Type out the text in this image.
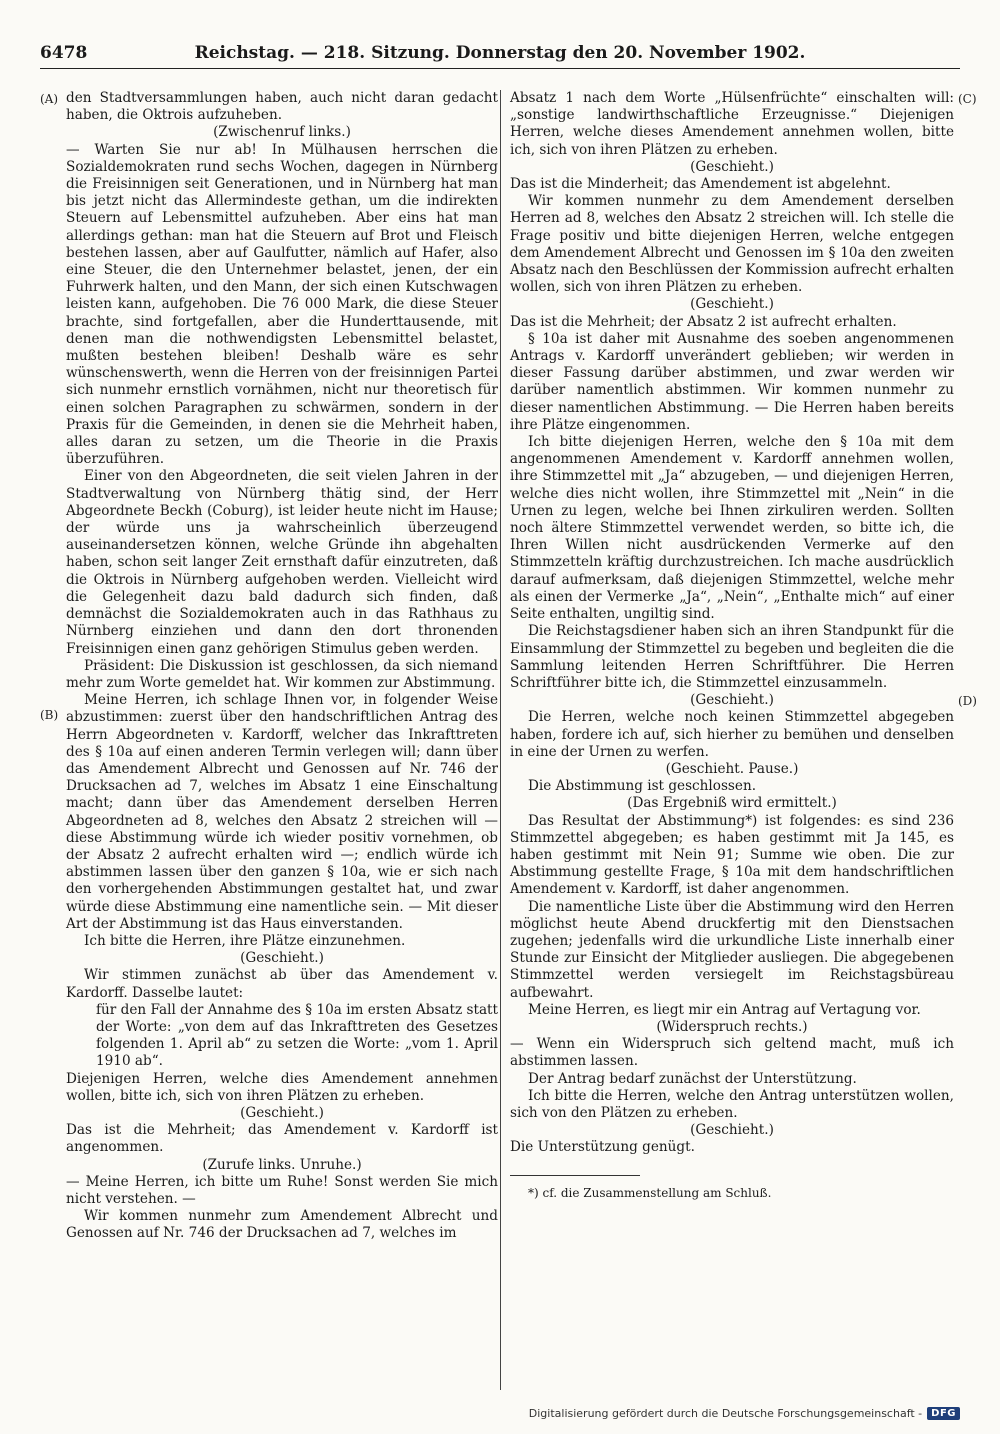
6478	Reichstag. — 218. Sitzung. Donnerstag den 20. November 1902.
(A)
(B)
(C)
(D)

den Stadtversammlungen haben, auch nicht daran gedacht haben, die Oktrois aufzuheben.

(Zwischenruf links.)

— Warten Sie nur ab! In Mülhausen herrschen die Sozialdemokraten rund sechs Wochen, dagegen in Nürnberg die Freisinnigen seit Generationen, und in Nürnberg hat man bis jetzt nicht das Allermindeste gethan, um die indirekten Steuern auf Lebensmittel aufzuheben. Aber eins hat man allerdings gethan: man hat die Steuern auf Brot und Fleisch bestehen lassen, aber auf Gaulfutter, nämlich auf Hafer, also eine Steuer, die den Unternehmer belastet, jenen, der ein Fuhrwerk halten, und den Mann, der sich einen Kutschwagen leisten kann, aufgehoben. Die 76 000 Mark, die diese Steuer brachte, sind fortgefallen, aber die Hunderttausende, mit denen man die nothwendigsten Lebensmittel belastet, mußten bestehen bleiben! Deshalb wäre es sehr wünschenswerth, wenn die Herren von der freisinnigen Partei sich nunmehr ernstlich vornähmen, nicht nur theoretisch für einen solchen Paragraphen zu schwärmen, sondern in der Praxis für die Gemeinden, in denen sie die Mehrheit haben, alles daran zu setzen, um die Theorie in die Praxis überzuführen.

Einer von den Abgeordneten, die seit vielen Jahren in der Stadtverwaltung von Nürnberg thätig sind, der Herr Abgeordnete Beckh (Coburg), ist leider heute nicht im Hause; der würde uns ja wahrscheinlich überzeugend auseinandersetzen können, welche Gründe ihn abgehalten haben, schon seit langer Zeit ernsthaft dafür einzutreten, daß die Oktrois in Nürnberg aufgehoben werden. Vielleicht wird die Gelegenheit dazu bald dadurch sich finden, daß demnächst die Sozialdemokraten auch in das Rathhaus zu Nürnberg einziehen und dann den dort thronenden Freisinnigen einen ganz gehörigen Stimulus geben werden.

Präsident: Die Diskussion ist geschlossen, da sich niemand mehr zum Worte gemeldet hat. Wir kommen zur Abstimmung.

Meine Herren, ich schlage Ihnen vor, in folgender Weise abzustimmen: zuerst über den handschriftlichen Antrag des Herrn Abgeordneten v. Kardorff, welcher das Inkrafttreten des § 10a auf einen anderen Termin verlegen will; dann über das Amendement Albrecht und Genossen auf Nr. 746 der Drucksachen ad 7, welches im Absatz 1 eine Einschaltung macht; dann über das Amendement derselben Herren Abgeordneten ad 8, welches den Absatz 2 streichen will — diese Abstimmung würde ich wieder positiv vornehmen, ob der Absatz 2 aufrecht erhalten wird —; endlich würde ich abstimmen lassen über den ganzen § 10a, wie er sich nach den vorhergehenden Abstimmungen gestaltet hat, und zwar würde diese Abstimmung eine namentliche sein. — Mit dieser Art der Abstimmung ist das Haus einverstanden.

Ich bitte die Herren, ihre Plätze einzunehmen.

(Geschieht.)

Wir stimmen zunächst ab über das Amendement v. Kardorff. Dasselbe lautet:

für den Fall der Annahme des § 10a im ersten Absatz statt der Worte: „von dem auf das Inkrafttreten des Gesetzes folgenden 1. April ab“ zu setzen die Worte: „vom 1. April 1910 ab“.

Diejenigen Herren, welche dies Amendement annehmen wollen, bitte ich, sich von ihren Plätzen zu erheben.

(Geschieht.)

Das ist die Mehrheit; das Amendement v. Kardorff ist angenommen.

(Zurufe links. Unruhe.)

— Meine Herren, ich bitte um Ruhe! Sonst werden Sie mich nicht verstehen. —

Wir kommen nunmehr zum Amendement Albrecht und Genossen auf Nr. 746 der Drucksachen ad 7, welches im

Absatz 1 nach dem Worte „Hülsenfrüchte“ einschalten will: „sonstige landwirthschaftliche Erzeugnisse.“ Diejenigen Herren, welche dieses Amendement annehmen wollen, bitte ich, sich von ihren Plätzen zu erheben.

(Geschieht.)

Das ist die Minderheit; das Amendement ist abgelehnt.

Wir kommen nunmehr zu dem Amendement derselben Herren ad 8, welches den Absatz 2 streichen will. Ich stelle die Frage positiv und bitte diejenigen Herren, welche entgegen dem Amendement Albrecht und Genossen im § 10a den zweiten Absatz nach den Beschlüssen der Kommission aufrecht erhalten wollen, sich von ihren Plätzen zu erheben.

(Geschieht.)

Das ist die Mehrheit; der Absatz 2 ist aufrecht erhalten.

§ 10a ist daher mit Ausnahme des soeben angenommenen Antrags v. Kardorff unverändert geblieben; wir werden in dieser Fassung darüber abstimmen, und zwar werden wir darüber namentlich abstimmen. Wir kommen nunmehr zu dieser namentlichen Abstimmung. — Die Herren haben bereits ihre Plätze eingenommen.

Ich bitte diejenigen Herren, welche den § 10a mit dem angenommenen Amendement v. Kardorff annehmen wollen, ihre Stimmzettel mit „Ja“ abzugeben, — und diejenigen Herren, welche dies nicht wollen, ihre Stimmzettel mit „Nein“ in die Urnen zu legen, welche bei Ihnen zirkuliren werden. Sollten noch ältere Stimmzettel verwendet werden, so bitte ich, die Ihren Willen nicht ausdrückenden Vermerke auf den Stimmzetteln kräftig durchzustreichen. Ich mache ausdrücklich darauf aufmerksam, daß diejenigen Stimmzettel, welche mehr als einen der Vermerke „Ja“, „Nein“, „Enthalte mich“ auf einer Seite enthalten, ungiltig sind.

Die Reichstagsdiener haben sich an ihren Standpunkt für die Einsammlung der Stimmzettel zu begeben und begleiten die die Sammlung leitenden Herren Schriftführer. Die Herren Schriftführer bitte ich, die Stimmzettel einzusammeln.

(Geschieht.)

Die Herren, welche noch keinen Stimmzettel abgegeben haben, fordere ich auf, sich hierher zu bemühen und denselben in eine der Urnen zu werfen.

(Geschieht. Pause.)

Die Abstimmung ist geschlossen.

(Das Ergebniß wird ermittelt.)

Das Resultat der Abstimmung*) ist folgendes: es sind 236 Stimmzettel abgegeben; es haben gestimmt mit Ja 145, es haben gestimmt mit Nein 91; Summe wie oben. Die zur Abstimmung gestellte Frage, § 10a mit dem handschriftlichen Amendement v. Kardorff, ist daher angenommen.

Die namentliche Liste über die Abstimmung wird den Herren möglichst heute Abend druckfertig mit den Dienstsachen zugehen; jedenfalls wird die urkundliche Liste innerhalb einer Stunde zur Einsicht der Mitglieder ausliegen. Die abgegebenen Stimmzettel werden versiegelt im Reichstagsbüreau aufbewahrt.

Meine Herren, es liegt mir ein Antrag auf Vertagung vor.

(Widerspruch rechts.)

— Wenn ein Widerspruch sich geltend macht, muß ich abstimmen lassen.

Der Antrag bedarf zunächst der Unterstützung.

Ich bitte die Herren, welche den Antrag unterstützen wollen, sich von den Plätzen zu erheben.

(Geschieht.)

Die Unterstützung genügt.

*) cf. die Zusammenstellung am Schluß.

Digitalisierung gefördert durch die Deutsche Forschungsgemeinschaft - DFG
